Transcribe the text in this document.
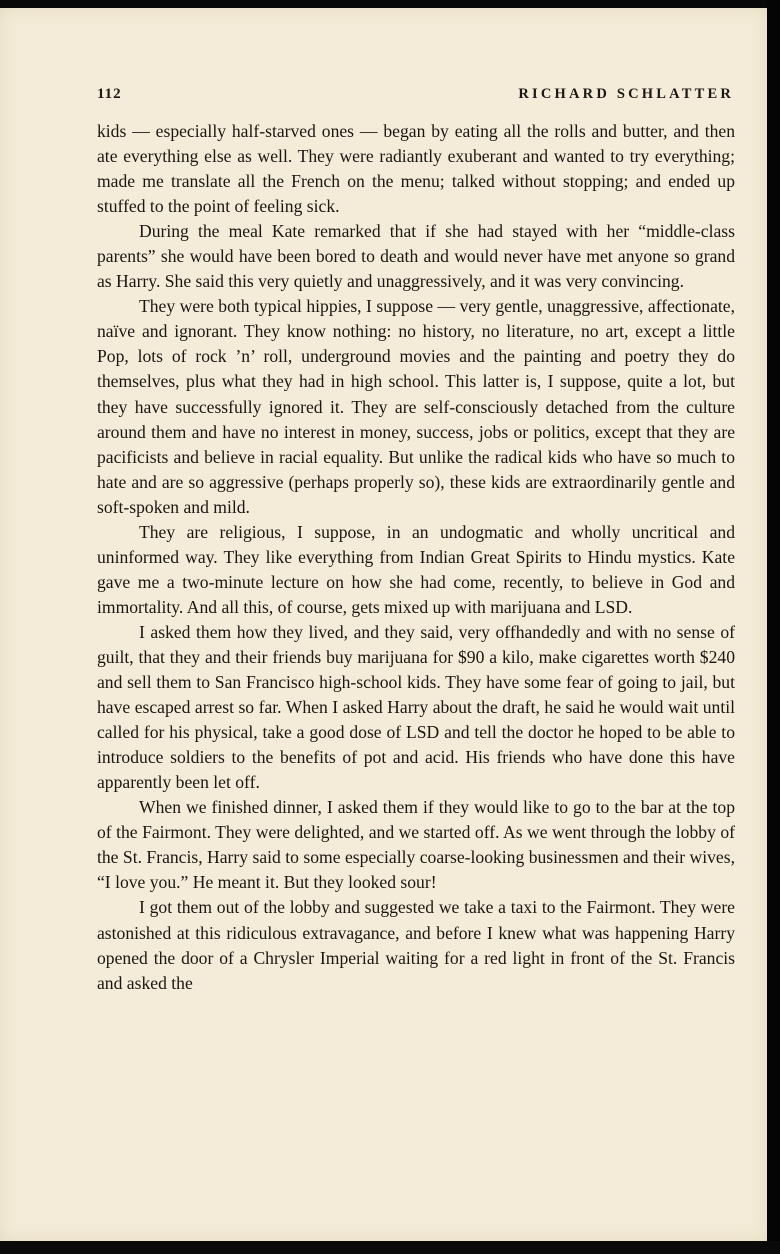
112	RICHARD SCHLATTER

kids — especially half-starved ones — began by eating all the rolls and butter, and then ate everything else as well. They were radiantly exuberant and wanted to try everything; made me translate all the French on the menu; talked without stopping; and ended up stuffed to the point of feeling sick.

During the meal Kate remarked that if she had stayed with her “middle-class parents” she would have been bored to death and would never have met anyone so grand as Harry. She said this very quietly and unaggressively, and it was very convincing.

They were both typical hippies, I suppose — very gentle, unaggressive, affectionate, naïve and ignorant. They know nothing: no history, no literature, no art, except a little Pop, lots of rock ’n’ roll, underground movies and the painting and poetry they do themselves, plus what they had in high school. This latter is, I suppose, quite a lot, but they have successfully ignored it. They are self-consciously detached from the culture around them and have no interest in money, success, jobs or politics, except that they are pacificists and believe in racial equality. But unlike the radical kids who have so much to hate and are so aggressive (perhaps properly so), these kids are extraordinarily gentle and soft-spoken and mild.

They are religious, I suppose, in an undogmatic and wholly uncritical and uninformed way. They like everything from Indian Great Spirits to Hindu mystics. Kate gave me a two-minute lecture on how she had come, recently, to believe in God and immortality. And all this, of course, gets mixed up with marijuana and LSD.

I asked them how they lived, and they said, very offhandedly and with no sense of guilt, that they and their friends buy marijuana for $90 a kilo, make cigarettes worth $240 and sell them to San Francisco high-school kids. They have some fear of going to jail, but have escaped arrest so far. When I asked Harry about the draft, he said he would wait until called for his physical, take a good dose of LSD and tell the doctor he hoped to be able to introduce soldiers to the benefits of pot and acid. His friends who have done this have apparently been let off.

When we finished dinner, I asked them if they would like to go to the bar at the top of the Fairmont. They were delighted, and we started off. As we went through the lobby of the St. Francis, Harry said to some especially coarse-looking businessmen and their wives, “I love you.” He meant it. But they looked sour!

I got them out of the lobby and suggested we take a taxi to the Fairmont. They were astonished at this ridiculous extravagance, and before I knew what was happening Harry opened the door of a Chrysler Imperial waiting for a red light in front of the St. Francis and asked the
